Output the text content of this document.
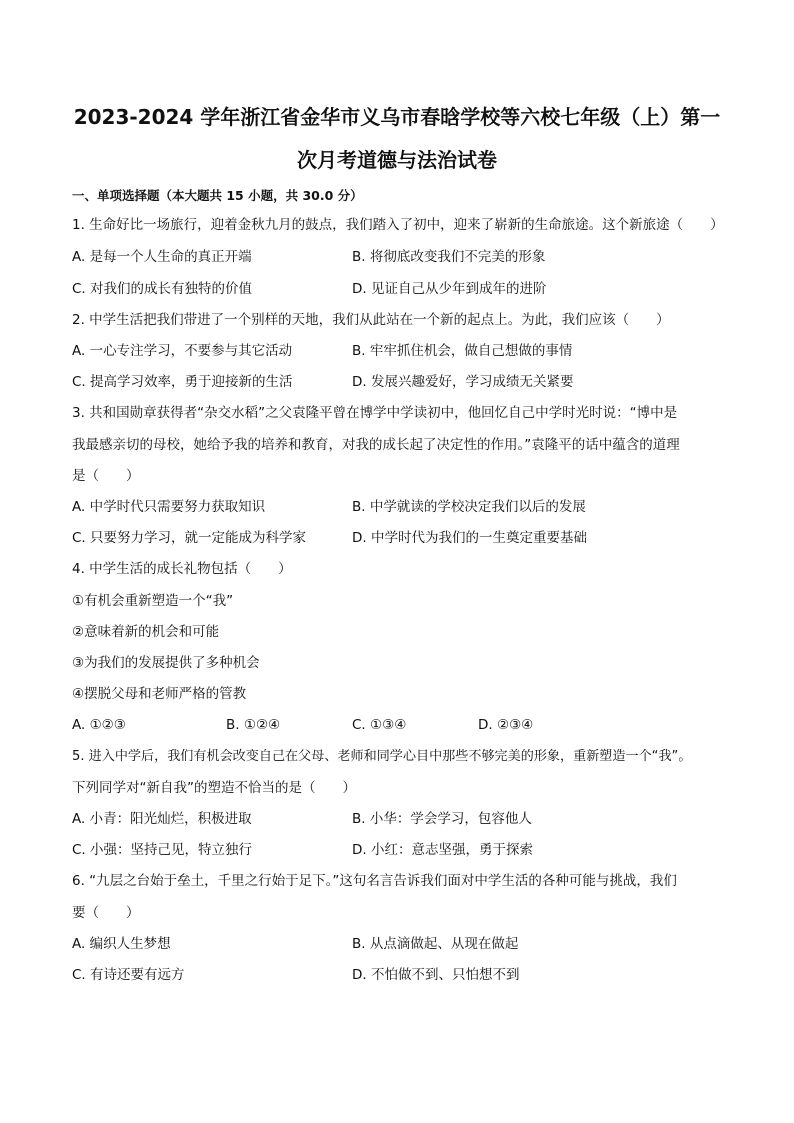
2023-2024 学年浙江省金华市义乌市春晗学校等六校七年级（上）第一
次月考道德与法治试卷
一、单项选择题（本大题共 15 小题，共 30.0 分）
1. 生命好比一场旅行，迎着金秋九月的鼓点，我们踏入了初中，迎来了崭新的生命旅途。这个新旅途（　　）
A. 是每一个人生命的真正开端	B. 将彻底改变我们不完美的形象
C. 对我们的成长有独特的价值	D. 见证自己从少年到成年的进阶
2. 中学生活把我们带进了一个别样的天地，我们从此站在一个新的起点上。为此，我们应该（　　）
A. 一心专注学习，不要参与其它活动	B. 牢牢抓住机会，做自己想做的事情
C. 提高学习效率，勇于迎接新的生活	D. 发展兴趣爱好，学习成绩无关紧要
3. 共和国勋章获得者“杂交水稻”之父袁隆平曾在博学中学读初中，他回忆自己中学时光时说：“博中是
我最感亲切的母校，她给予我的培养和教育，对我的成长起了决定性的作用。”袁隆平的话中蕴含的道理
是（　　）
A. 中学时代只需要努力获取知识	B. 中学就读的学校决定我们以后的发展
C. 只要努力学习，就一定能成为科学家	D. 中学时代为我们的一生奠定重要基础
4. 中学生活的成长礼物包括（　　）
①有机会重新塑造一个“我”
②意味着新的机会和可能
③为我们的发展提供了多种机会
④摆脱父母和老师严格的管教
A. ①②③	B. ①②④	C. ①③④	D. ②③④
5. 进入中学后，我们有机会改变自己在父母、老师和同学心目中那些不够完美的形象，重新塑造一个“我”。
下列同学对“新自我”的塑造不恰当的是（　　）
A. 小青：阳光灿烂，积极进取	B. 小华：学会学习，包容他人
C. 小强：坚持己见，特立独行	D. 小红：意志坚强，勇于探索
6. “九层之台始于垒土，千里之行始于足下。”这句名言告诉我们面对中学生活的各种可能与挑战，我们
要（　　）
A. 编织人生梦想	B. 从点滴做起、从现在做起
C. 有诗还要有远方	D. 不怕做不到、只怕想不到
